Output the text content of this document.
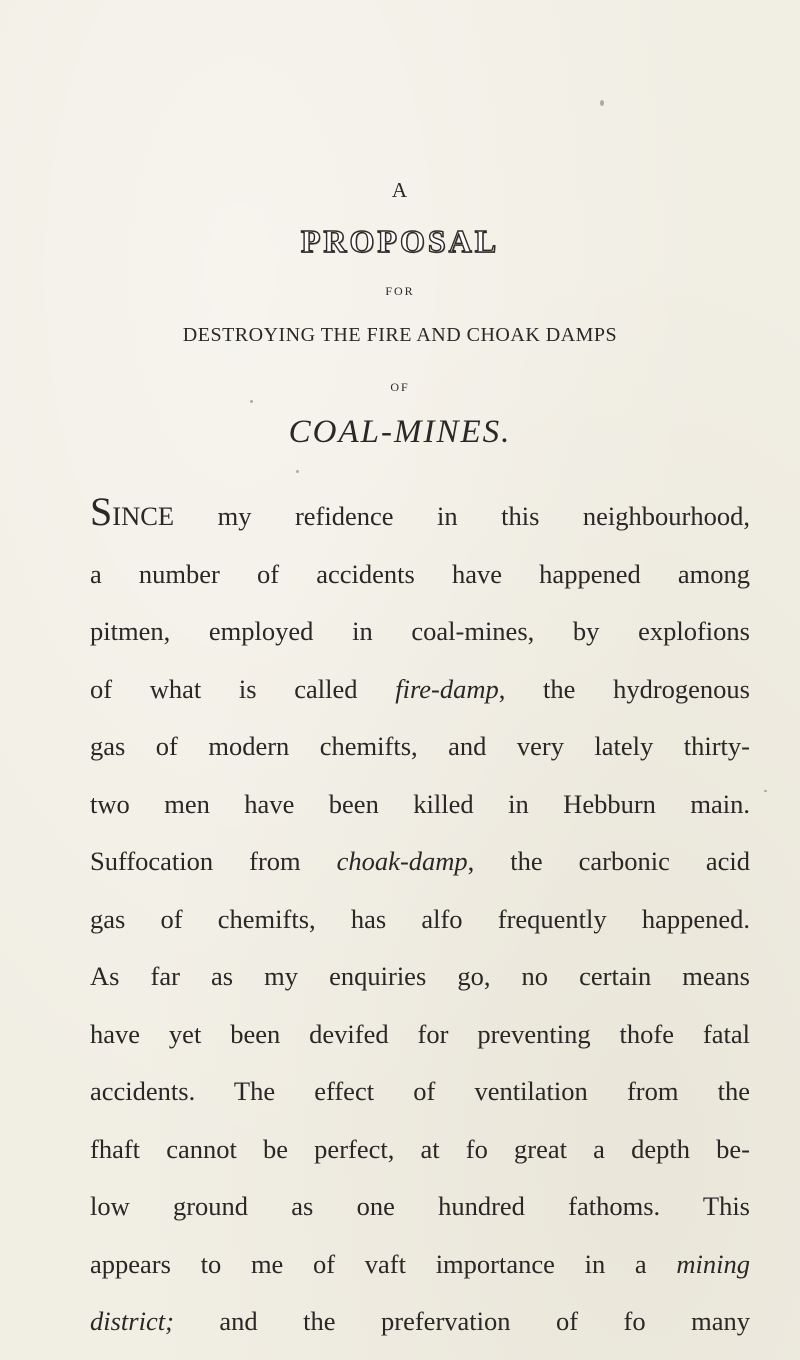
A
PROPOSAL
FOR
DESTROYING THE FIRE AND CHOAK DAMPS
OF
COAL-MINES.
SINCE my refidence in this neighbourhood,
a number of accidents have happened among
pitmen, employed in coal-mines, by explofions
of what is called fire-damp, the hydrogenous
gas of modern chemifts, and very lately thirty-
two men have been killed in Hebburn main.
Suffocation from choak-damp, the carbonic acid
gas of chemifts, has alfo frequently happened.
As far as my enquiries go, no certain means
have yet been devifed for preventing thofe fatal
accidents. The effect of ventilation from the
fhaft cannot be perfect, at fo great a depth be-
low ground as one hundred fathoms. This
appears to me of vaft importance in a mining
district; and the prefervation of fo many
